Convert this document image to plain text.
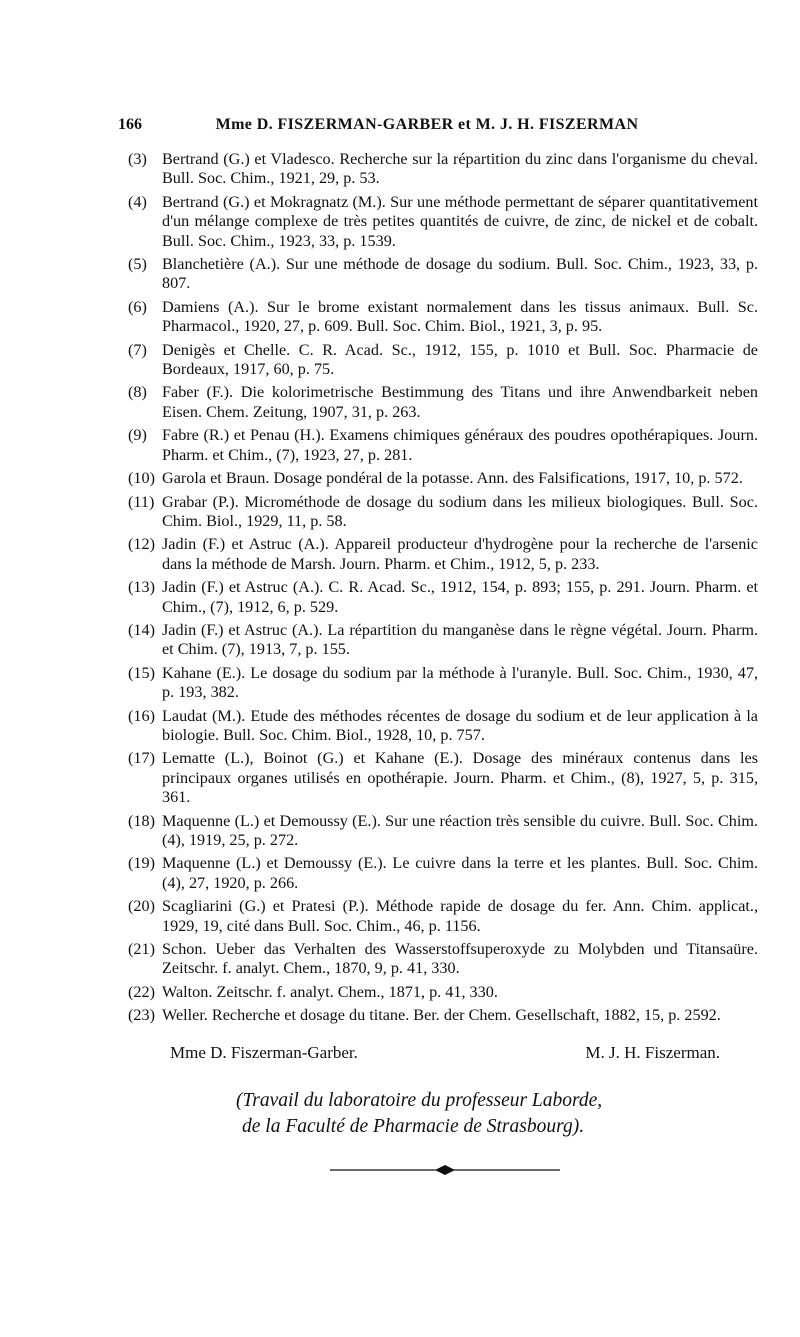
166	Mme D. FISZERMAN-GARBER et M. J. H. FISZERMAN
(3) Bertrand (G.) et Vladesco. Recherche sur la répartition du zinc dans l'organisme du cheval. Bull. Soc. Chim., 1921, 29, p. 53.
(4) Bertrand (G.) et Mokragnatz (M.). Sur une méthode permettant de séparer quantitativement d'un mélange complexe de très petites quantités de cuivre, de zinc, de nickel et de cobalt. Bull. Soc. Chim., 1923, 33, p. 1539.
(5) Blanchetière (A.). Sur une méthode de dosage du sodium. Bull. Soc. Chim., 1923, 33, p. 807.
(6) Damiens (A.). Sur le brome existant normalement dans les tissus animaux. Bull. Sc. Pharmacol., 1920, 27, p. 609. Bull. Soc. Chim. Biol., 1921, 3, p. 95.
(7) Denigès et Chelle. C. R. Acad. Sc., 1912, 155, p. 1010 et Bull. Soc. Pharmacie de Bordeaux, 1917, 60, p. 75.
(8) Faber (F.). Die kolorimetrische Bestimmung des Titans und ihre Anwendbarkeit neben Eisen. Chem. Zeitung, 1907, 31, p. 263.
(9) Fabre (R.) et Penau (H.). Examens chimiques généraux des poudres opothérapiques. Journ. Pharm. et Chim., (7), 1923, 27, p. 281.
(10) Garola et Braun. Dosage pondéral de la potasse. Ann. des Falsifications, 1917, 10, p. 572.
(11) Grabar (P.). Microméthode de dosage du sodium dans les milieux biologiques. Bull. Soc. Chim. Biol., 1929, 11, p. 58.
(12) Jadin (F.) et Astruc (A.). Appareil producteur d'hydrogène pour la recherche de l'arsenic dans la méthode de Marsh. Journ. Pharm. et Chim., 1912, 5, p. 233.
(13) Jadin (F.) et Astruc (A.). C. R. Acad. Sc., 1912, 154, p. 893; 155, p. 291. Journ. Pharm. et Chim., (7), 1912, 6, p. 529.
(14) Jadin (F.) et Astruc (A.). La répartition du manganèse dans le règne végétal. Journ. Pharm. et Chim. (7), 1913, 7, p. 155.
(15) Kahane (E.). Le dosage du sodium par la méthode à l'uranyle. Bull. Soc. Chim., 1930, 47, p. 193, 382.
(16) Laudat (M.). Etude des méthodes récentes de dosage du sodium et de leur application à la biologie. Bull. Soc. Chim. Biol., 1928, 10, p. 757.
(17) Lematte (L.), Boinot (G.) et Kahane (E.). Dosage des minéraux contenus dans les principaux organes utilisés en opothérapie. Journ. Pharm. et Chim., (8), 1927, 5, p. 315, 361.
(18) Maquenne (L.) et Demoussy (E.). Sur une réaction très sensible du cuivre. Bull. Soc. Chim. (4), 1919, 25, p. 272.
(19) Maquenne (L.) et Demoussy (E.). Le cuivre dans la terre et les plantes. Bull. Soc. Chim. (4), 27, 1920, p. 266.
(20) Scagliarini (G.) et Pratesi (P.). Méthode rapide de dosage du fer. Ann. Chim. applicat., 1929, 19, cité dans Bull. Soc. Chim., 46, p. 1156.
(21) Schon. Ueber das Verhalten des Wasserstoffsuperoxyde zu Molybden und Titansaüre. Zeitschr. f. analyt. Chem., 1870, 9, p. 41, 330.
(22) Walton. Zeitschr. f. analyt. Chem., 1871, p. 41, 330.
(23) Weller. Recherche et dosage du titane. Ber. der Chem. Gesellschaft, 1882, 15, p. 2592.
Mme D. Fiszerman-Garber.	M. J. H. Fiszerman.
(Travail du laboratoire du professeur Laborde,
de la Faculté de Pharmacie de Strasbourg).
